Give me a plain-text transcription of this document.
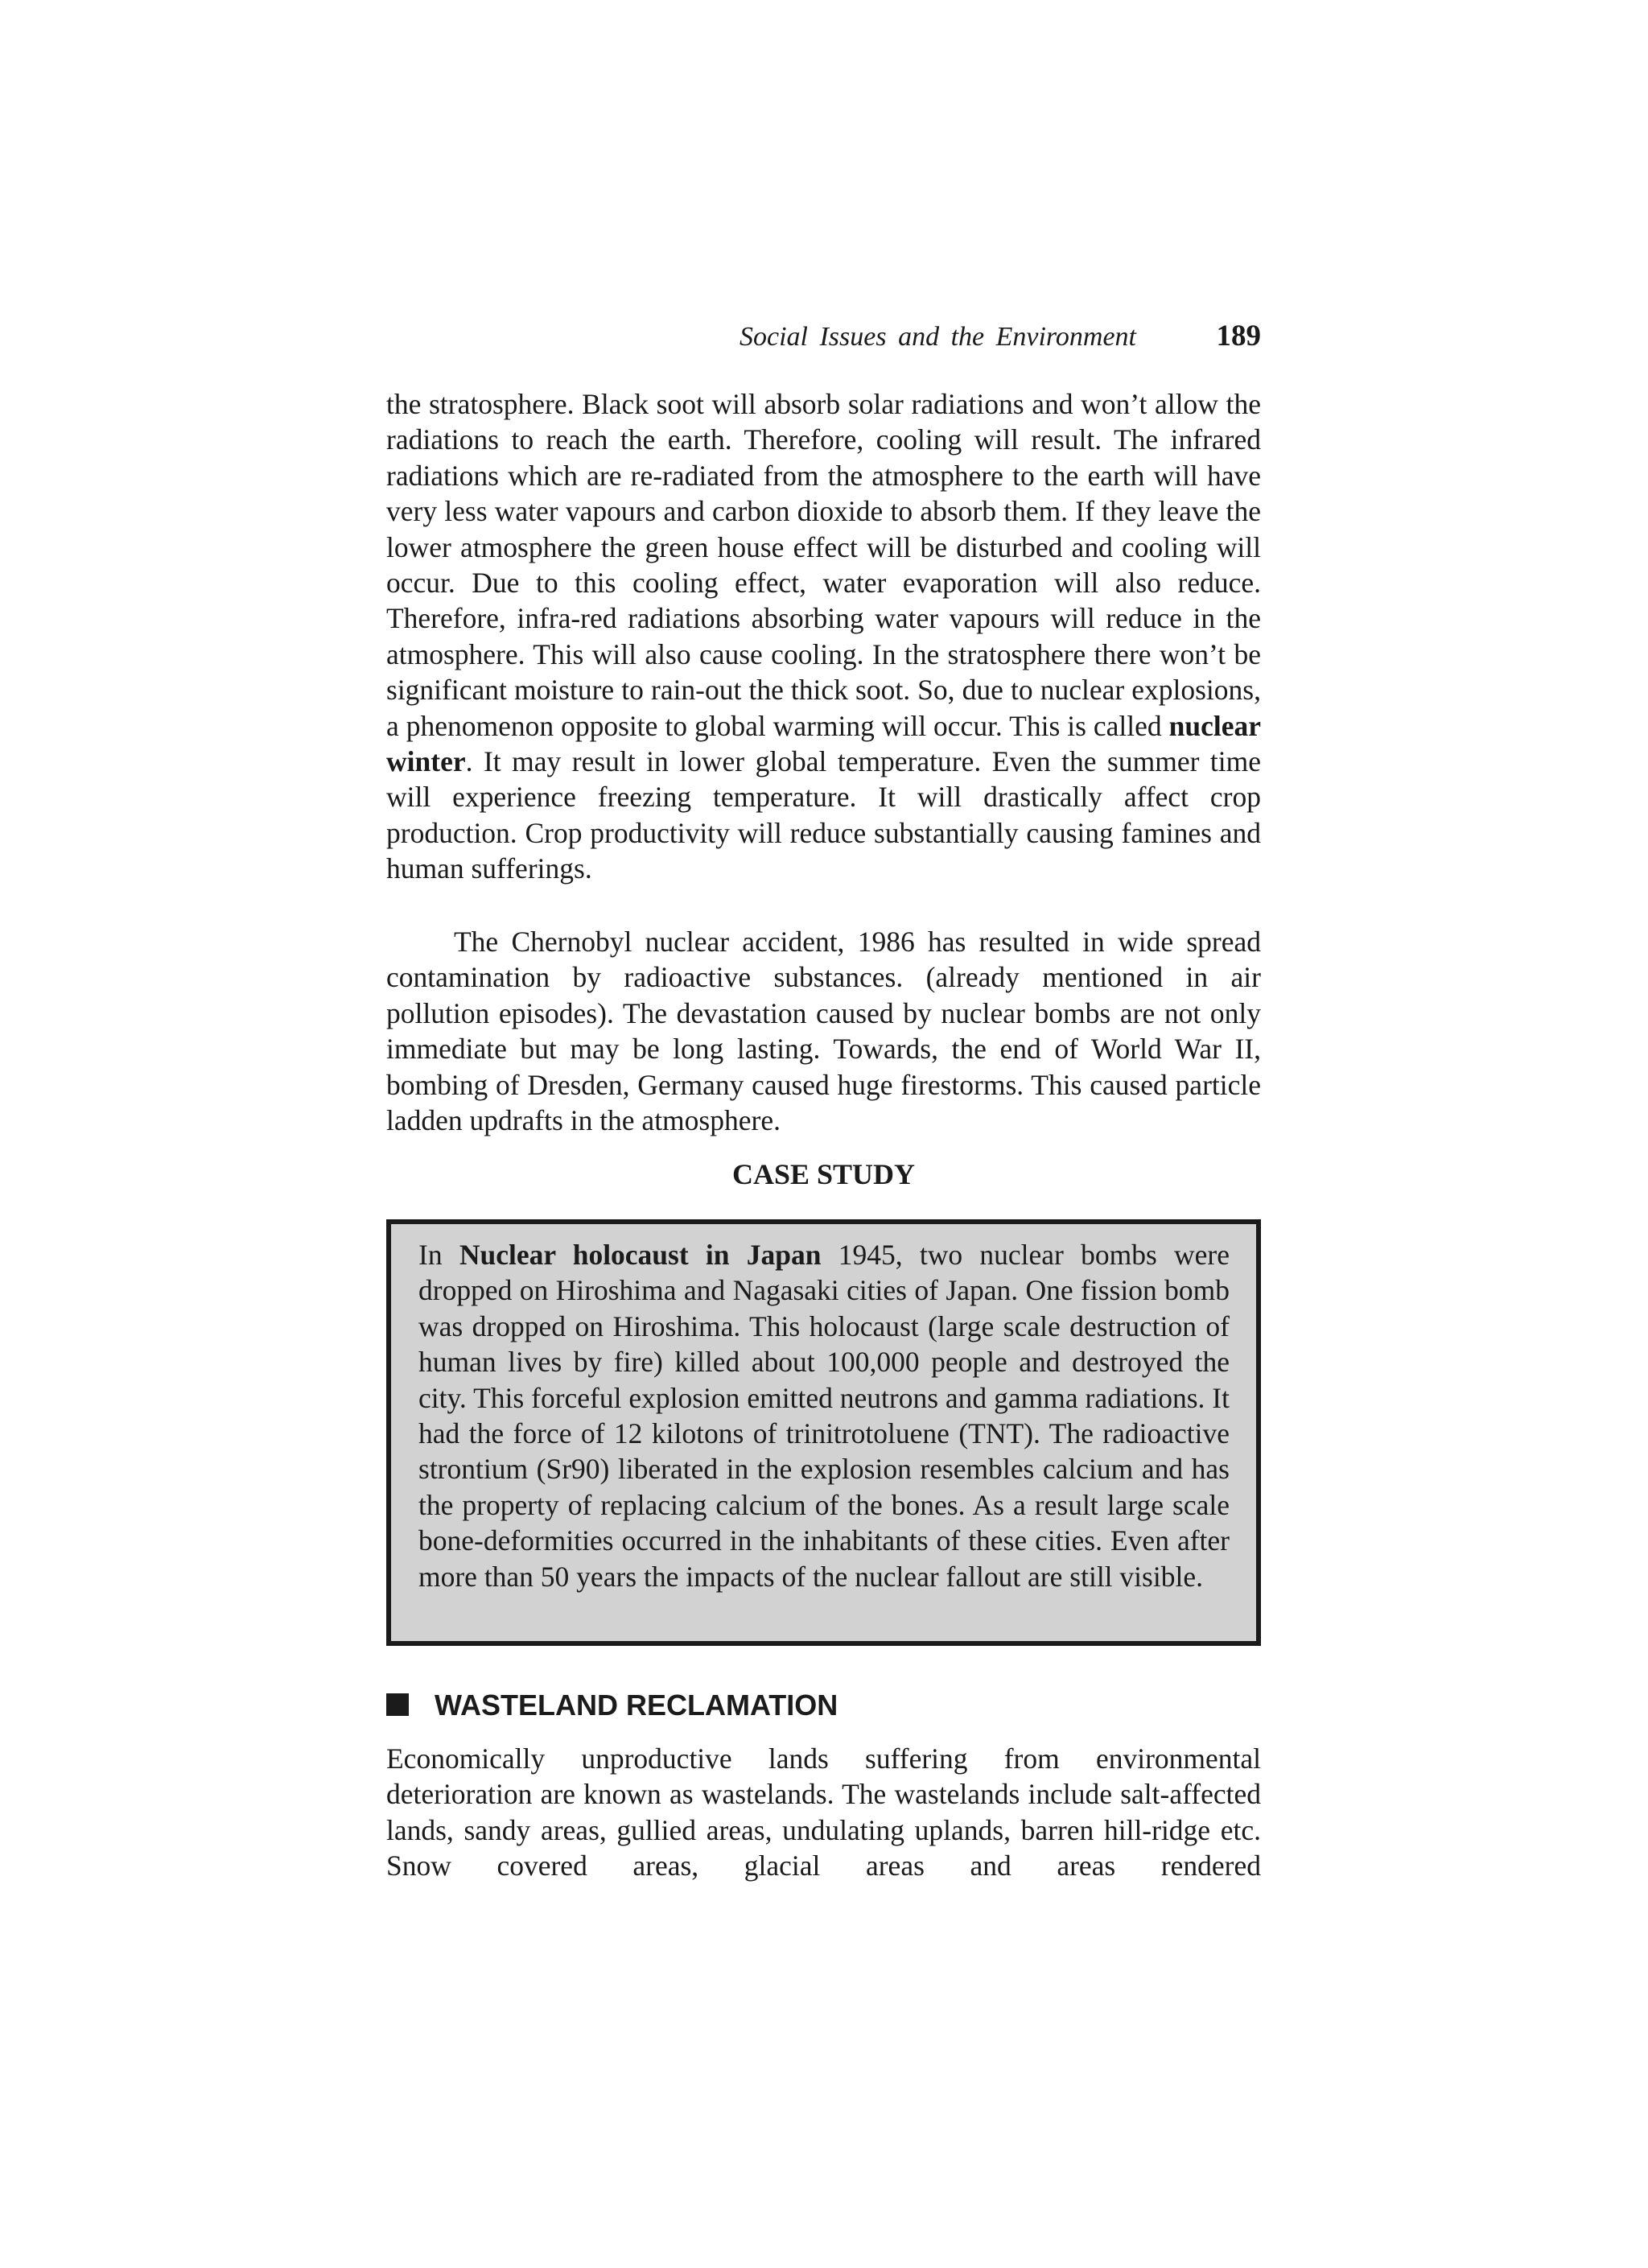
Social Issues and the Environment	189

the stratosphere. Black soot will absorb solar radiations and won’t allow the radiations to reach the earth. Therefore, cooling will result. The infrared radiations which are re-radiated from the atmosphere to the earth will have very less water vapours and carbon dioxide to absorb them. If they leave the lower atmosphere the green house effect will be disturbed and cooling will occur. Due to this cooling effect, water evaporation will also reduce. Therefore, infra-red radiations absorbing water vapours will reduce in the atmosphere. This will also cause cooling. In the stratosphere there won’t be significant moisture to rain-out the thick soot. So, due to nuclear explosions, a phenomenon opposite to global warming will occur. This is called nuclear winter. It may result in lower global temperature. Even the summer time will experience freezing temperature. It will drastically affect crop production. Crop productivity will reduce substantially causing famines and human sufferings.

The Chernobyl nuclear accident, 1986 has resulted in wide spread contamination by radioactive substances. (already mentioned in air pollution episodes). The devastation caused by nuclear bombs are not only immediate but may be long lasting. Towards, the end of World War II, bombing of Dresden, Germany caused huge firestorms. This caused particle ladden updrafts in the atmosphere.

CASE STUDY

In Nuclear holocaust in Japan 1945, two nuclear bombs were dropped on Hiroshima and Nagasaki cities of Japan. One fission bomb was dropped on Hiroshima. This holocaust (large scale destruction of human lives by fire) killed about 100,000 people and destroyed the city. This forceful explosion emitted neutrons and gamma radiations. It had the force of 12 kilotons of trinitrotoluene (TNT). The radioactive strontium (Sr90) liberated in the explosion resembles calcium and has the property of replacing calcium of the bones. As a result large scale bone-deformities occurred in the inhabitants of these cities. Even after more than 50 years the impacts of the nuclear fallout are still visible.

WASTELAND RECLAMATION

Economically unproductive lands suffering from environmental deterioration are known as wastelands. The wastelands include salt-affected lands, sandy areas, gullied areas, undulating uplands, barren hill-ridge etc. Snow covered areas, glacial areas and areas rendered
